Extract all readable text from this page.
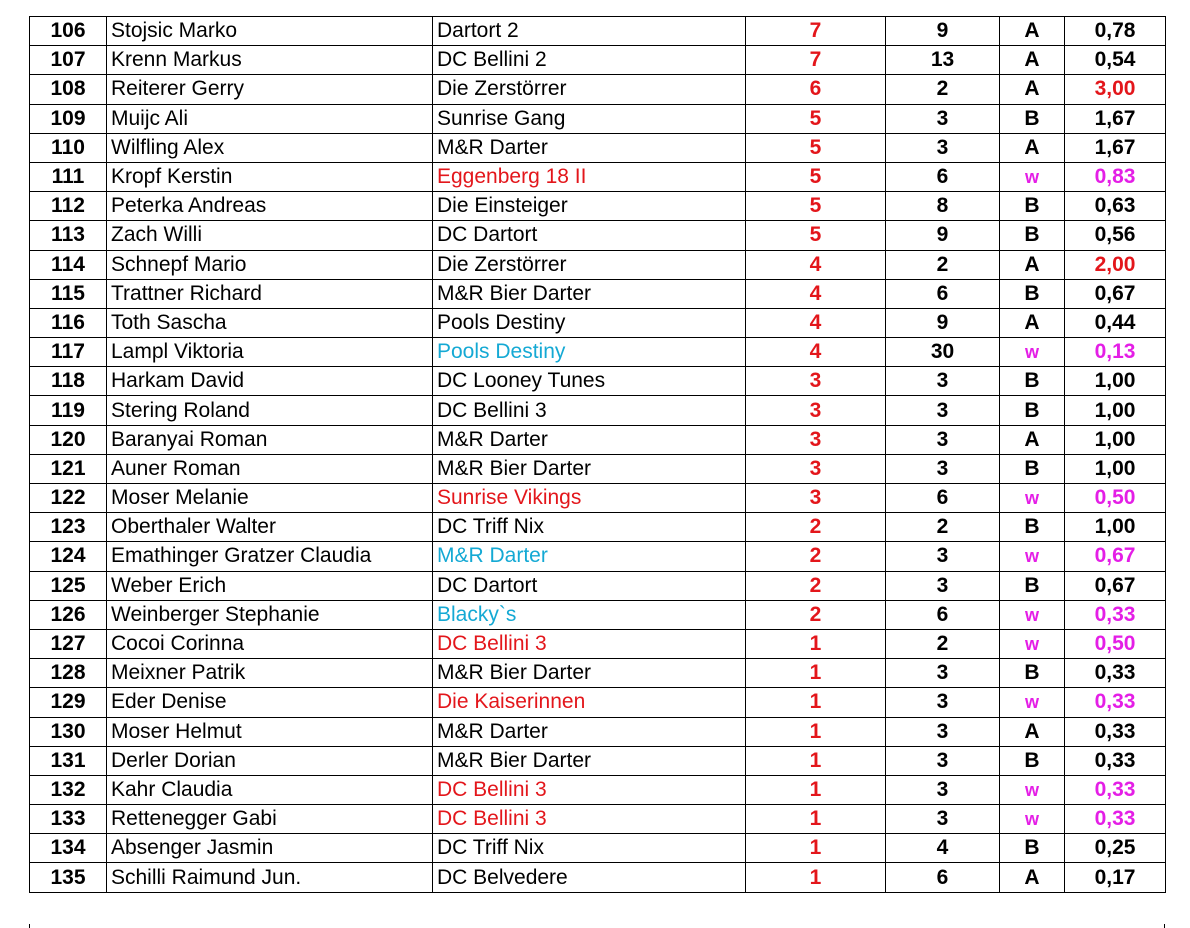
106	Stojsic Marko	Dartort 2	7	9	A	0,78
107	Krenn Markus	DC Bellini 2	7	13	A	0,54
108	Reiterer Gerry	Die Zerstörrer	6	2	A	3,00
109	Muijc Ali	Sunrise Gang	5	3	B	1,67
110	Wilfling Alex	M&R Darter	5	3	A	1,67
111	Kropf Kerstin	Eggenberg 18 II	5	6	w	0,83
112	Peterka Andreas	Die Einsteiger	5	8	B	0,63
113	Zach Willi	DC Dartort	5	9	B	0,56
114	Schnepf Mario	Die Zerstörrer	4	2	A	2,00
115	Trattner Richard	M&R Bier Darter	4	6	B	0,67
116	Toth Sascha	Pools Destiny	4	9	A	0,44
117	Lampl Viktoria	Pools Destiny	4	30	w	0,13
118	Harkam David	DC Looney Tunes	3	3	B	1,00
119	Stering Roland	DC Bellini 3	3	3	B	1,00
120	Baranyai Roman	M&R Darter	3	3	A	1,00
121	Auner Roman	M&R Bier Darter	3	3	B	1,00
122	Moser Melanie	Sunrise Vikings	3	6	w	0,50
123	Oberthaler Walter	DC Triff Nix	2	2	B	1,00
124	Emathinger Gratzer Claudia	M&R Darter	2	3	w	0,67
125	Weber Erich	DC Dartort	2	3	B	0,67
126	Weinberger Stephanie	Blacky`s	2	6	w	0,33
127	Cocoi Corinna	DC Bellini 3	1	2	w	0,50
128	Meixner Patrik	M&R Bier Darter	1	3	B	0,33
129	Eder Denise	Die Kaiserinnen	1	3	w	0,33
130	Moser Helmut	M&R Darter	1	3	A	0,33
131	Derler Dorian	M&R Bier Darter	1	3	B	0,33
132	Kahr Claudia	DC Bellini 3	1	3	w	0,33
133	Rettenegger Gabi	DC Bellini 3	1	3	w	0,33
134	Absenger Jasmin	DC Triff Nix	1	4	B	0,25
135	Schilli Raimund Jun.	DC Belvedere	1	6	A	0,17
